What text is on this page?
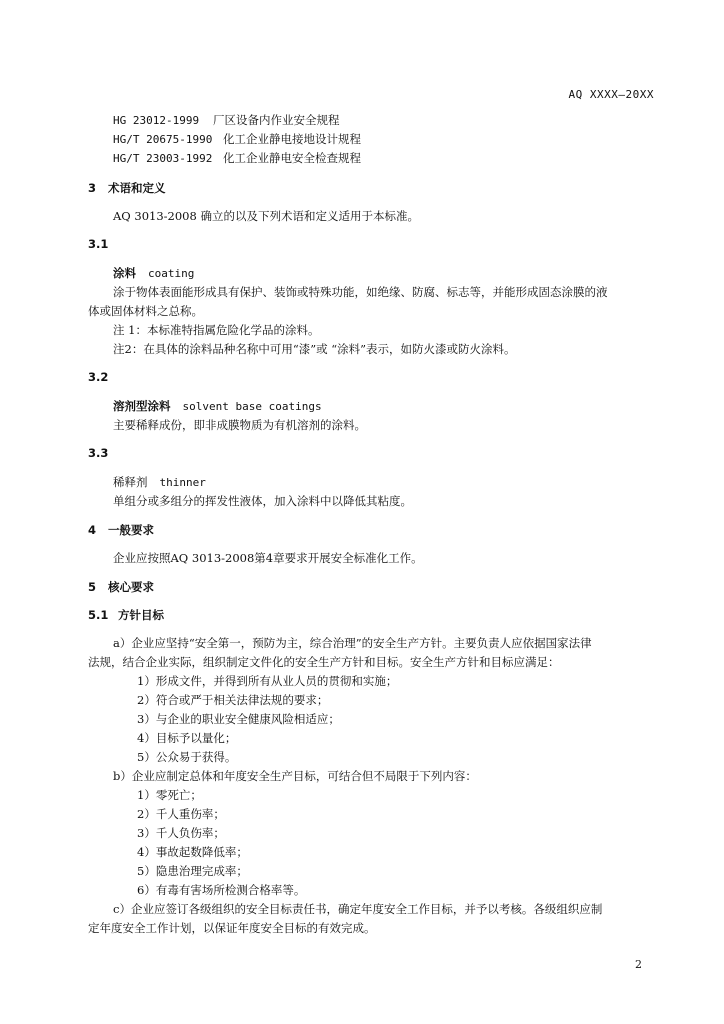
AQ XXXX—20XX
HG 23012-1999 厂区设备内作业安全规程
HG/T 20675-1990 化工企业静电接地设计规程
HG/T 23003-1992 化工企业静电安全检查规程
3 术语和定义
AQ 3013-2008 确立的以及下列术语和定义适用于本标准。
3.1
涂料 coating
涂于物体表面能形成具有保护、装饰或特殊功能，如绝缘、防腐、标志等，并能形成固态涂膜的液
体或固体材料之总称。
注 1：本标准特指属危险化学品的涂料。
注2：在具体的涂料品种名称中可用“漆”或 “涂料”表示，如防火漆或防火涂料。
3.2
溶剂型涂料 solvent base coatings
主要稀释成份，即非成膜物质为有机溶剂的涂料。
3.3
稀释剂 thinner
单组分或多组分的挥发性液体，加入涂料中以降低其粘度。
4 一般要求
企业应按照AQ 3013-2008第4章要求开展安全标准化工作。
5 核心要求
5.1 方针目标
a）企业应坚持“安全第一，预防为主，综合治理”的安全生产方针。主要负责人应依据国家法律
法规，结合企业实际，组织制定文件化的安全生产方针和目标。安全生产方针和目标应满足：
1）形成文件，并得到所有从业人员的贯彻和实施；
2）符合或严于相关法律法规的要求；
3）与企业的职业安全健康风险相适应；
4）目标予以量化；
5）公众易于获得。
b）企业应制定总体和年度安全生产目标，可结合但不局限于下列内容：
1）零死亡；
2）千人重伤率；
3）千人负伤率；
4）事故起数降低率；
5）隐患治理完成率；
6）有毒有害场所检测合格率等。
c）企业应签订各级组织的安全目标责任书，确定年度安全工作目标，并予以考核。各级组织应制
定年度安全工作计划，以保证年度安全目标的有效完成。
2
